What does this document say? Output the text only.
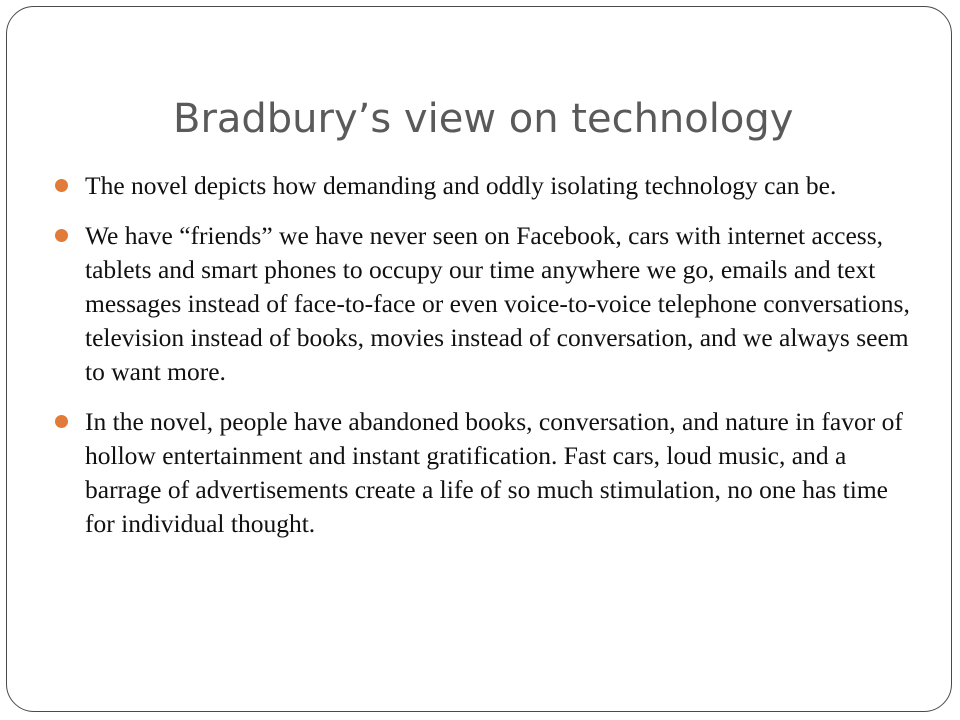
Bradbury’s view on technology
The novel depicts how demanding and oddly isolating technology can be.
We have “friends” we have never seen on Facebook, cars with internet access, tablets and smart phones to occupy our time anywhere we go, emails and text messages instead of face-to-face or even voice-to-voice telephone conversations, television instead of books, movies instead of conversation, and we always seem to want more.
In the novel, people have abandoned books, conversation, and nature in favor of hollow entertainment and instant gratification. Fast cars, loud music, and a barrage of advertisements create a life of so much stimulation, no one has time for individual thought.
